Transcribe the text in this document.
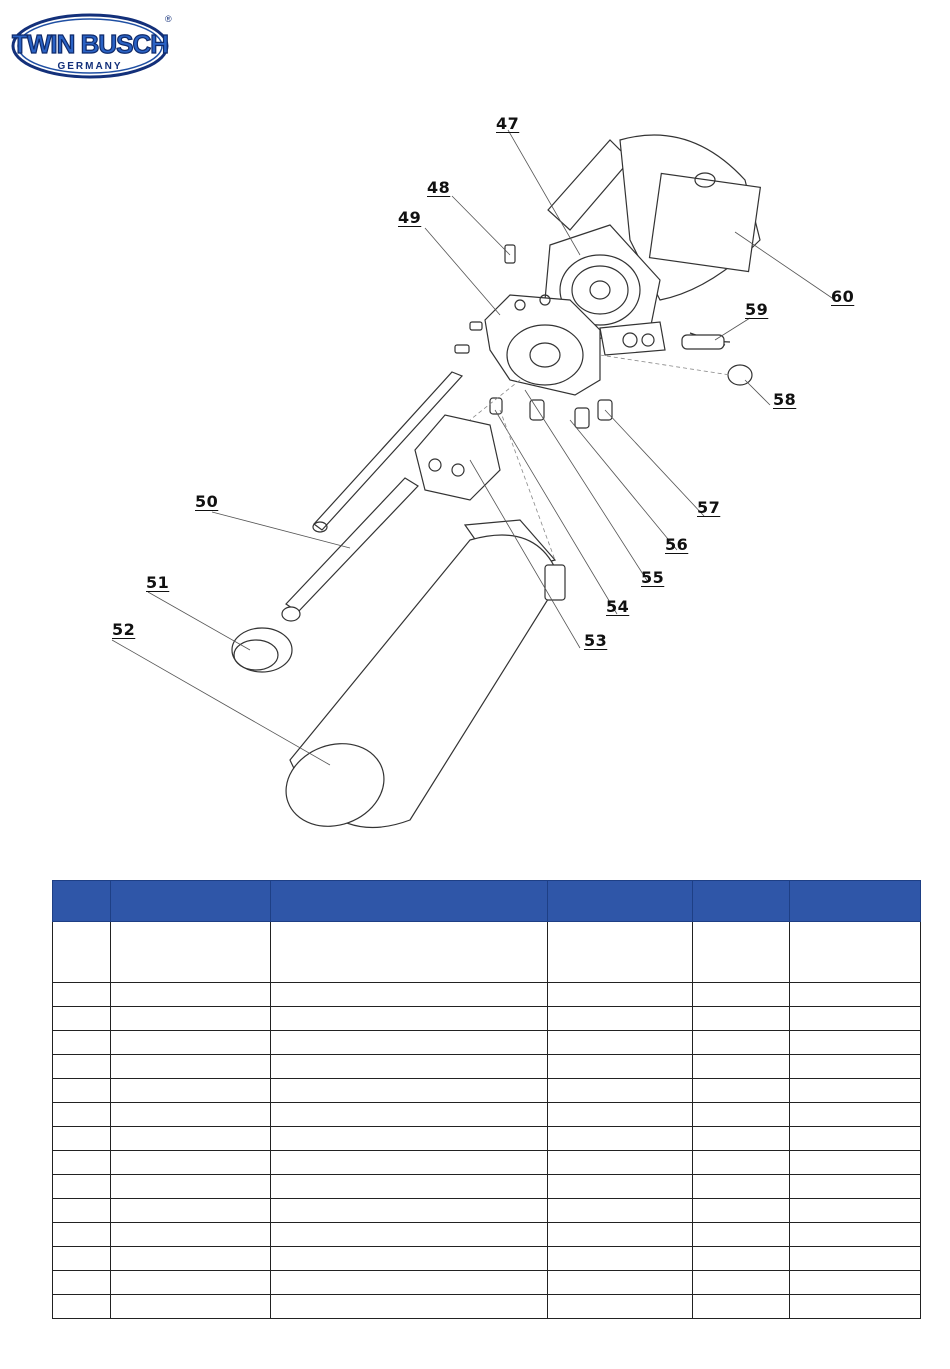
TWIN BUSCH
GERMANY
®
47
48
49
50
51
52
53
54
55
56
57
58
59
60
